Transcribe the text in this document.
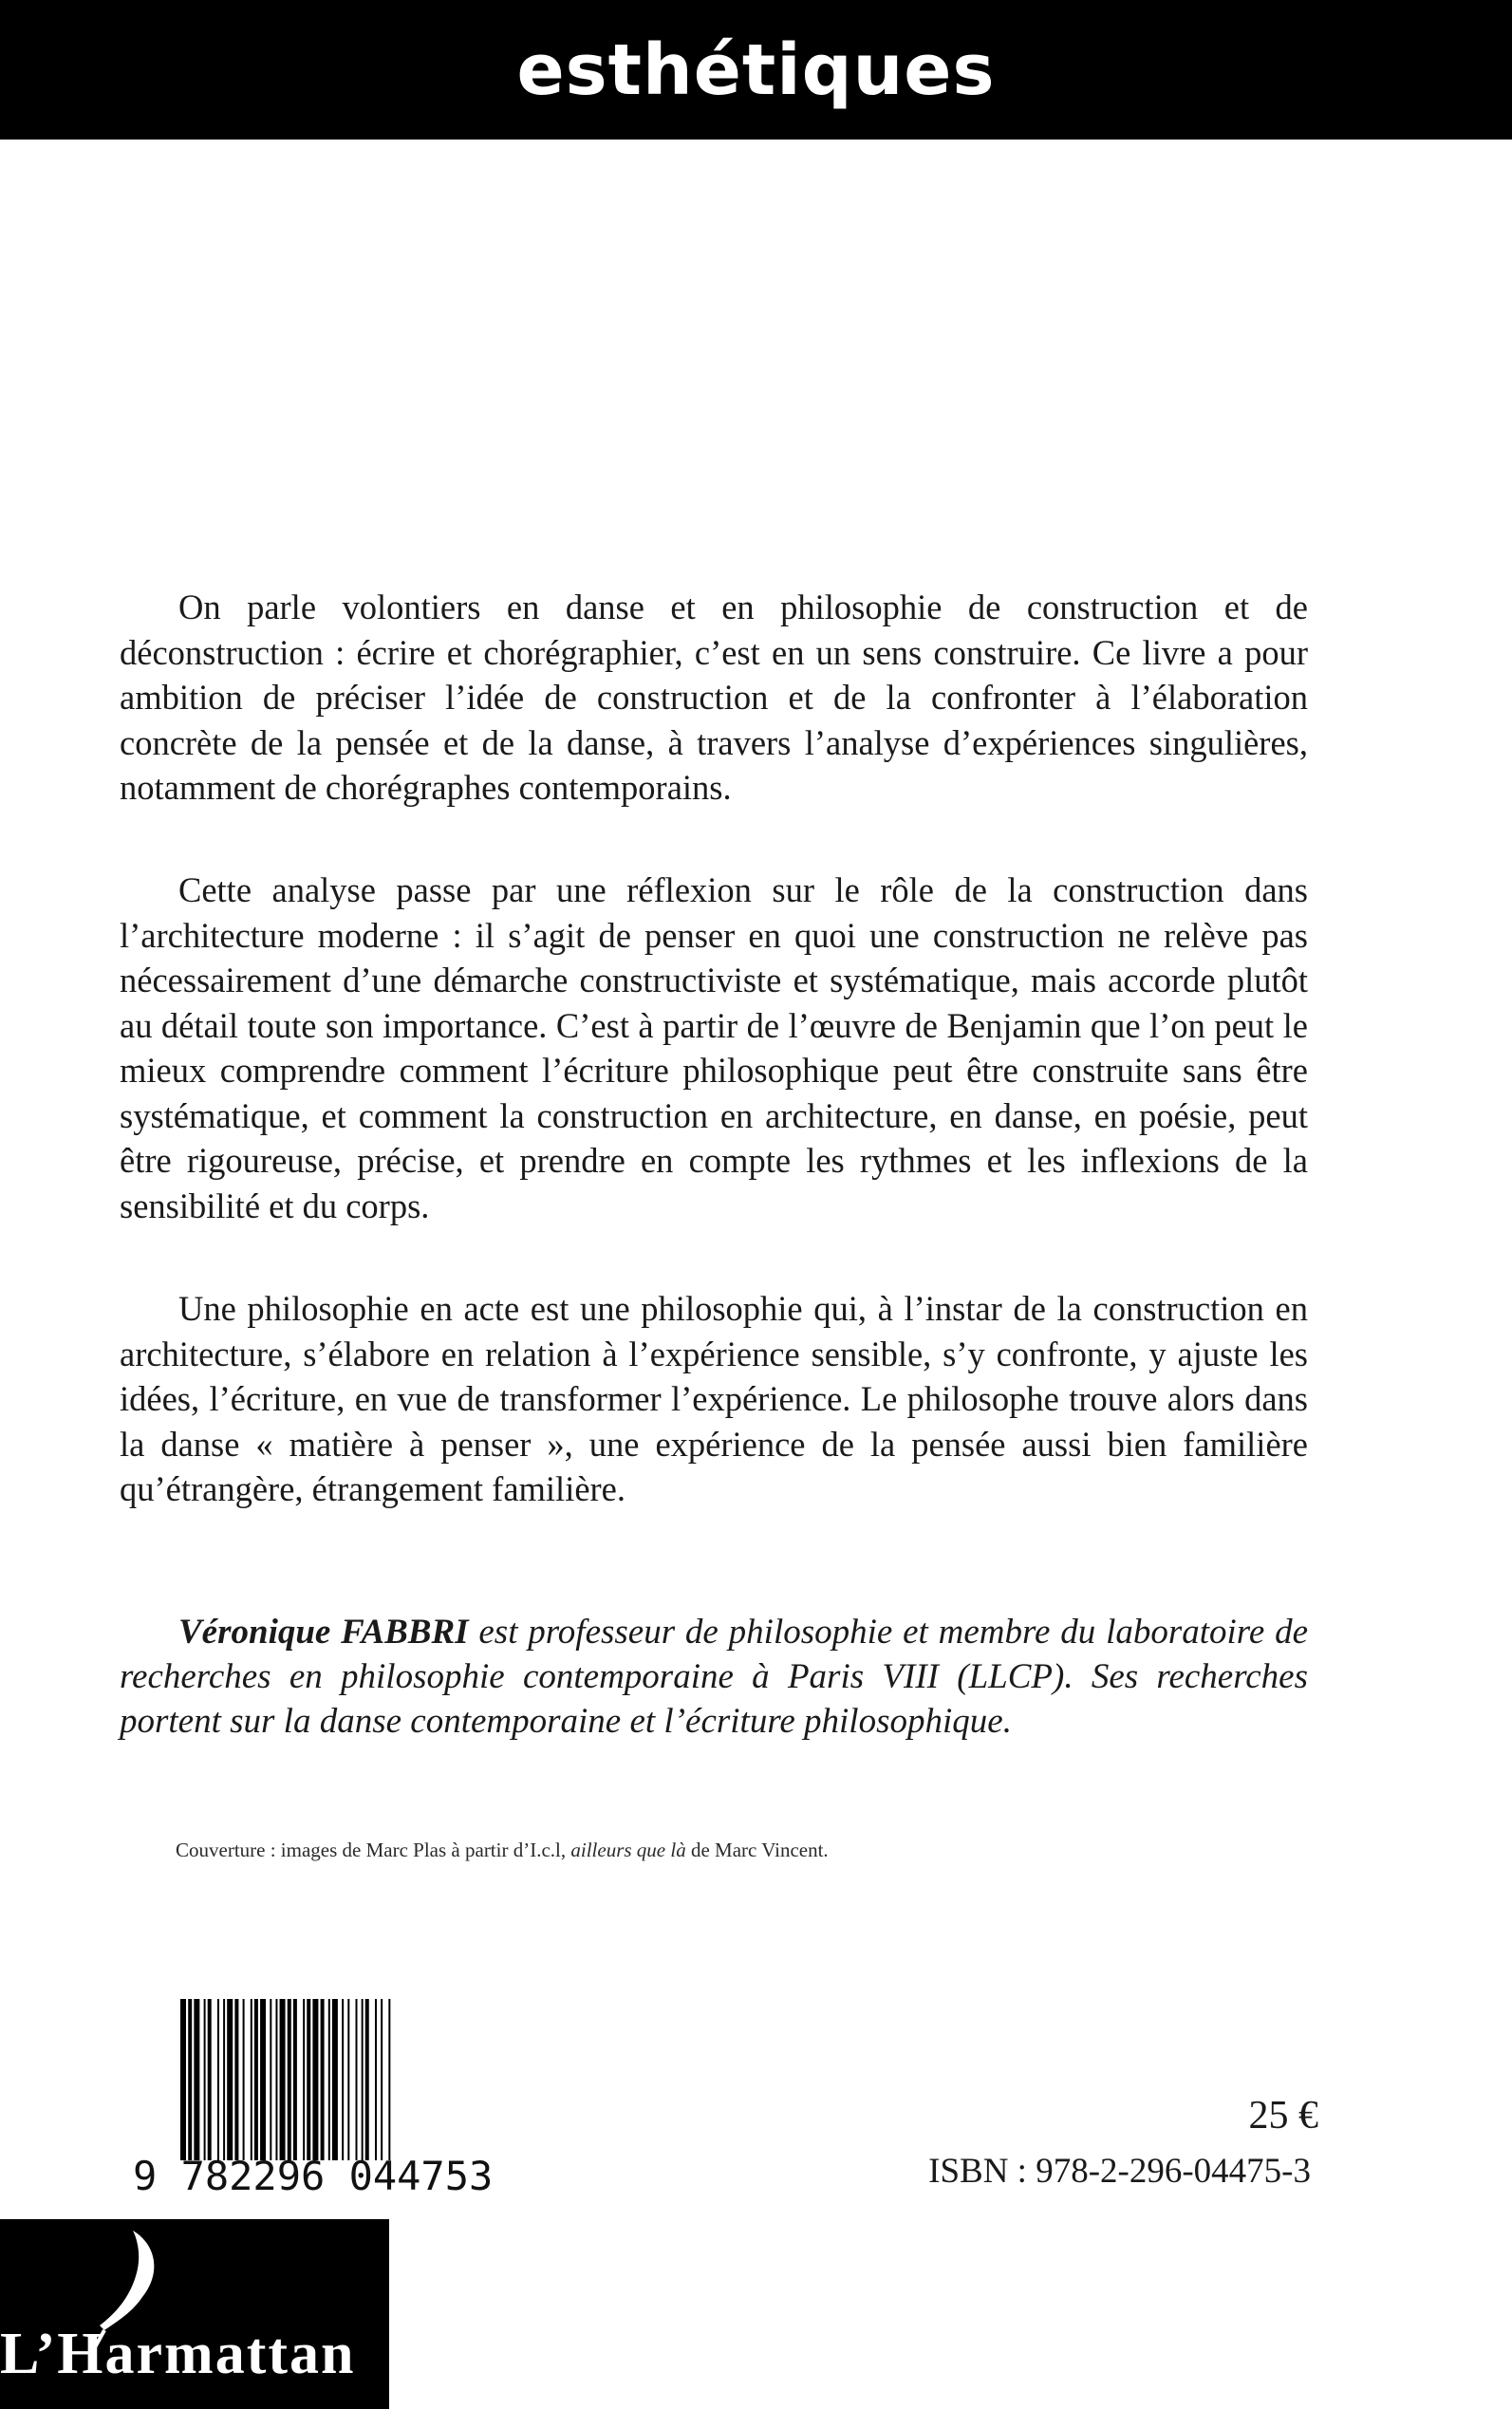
esthétiques

On parle volontiers en danse et en philosophie de construction et de déconstruction : écrire et chorégraphier, c’est en un sens construire. Ce livre a pour ambition de préciser l’idée de construction et de la confronter à l’élaboration concrète de la pensée et de la danse, à travers l’analyse d’expériences singulières, notamment de chorégraphes contemporains.

Cette analyse passe par une réflexion sur le rôle de la construction dans l’architecture moderne : il s’agit de penser en quoi une construction ne relève pas nécessairement d’une démarche constructiviste et systématique, mais accorde plutôt au détail toute son importance. C’est à partir de l’œuvre de Benjamin que l’on peut le mieux comprendre comment l’écriture philosophique peut être construite sans être systématique, et comment la construction en architecture, en danse, en poésie, peut être rigoureuse, précise, et prendre en compte les rythmes et les inflexions de la sensibilité et du corps.

Une philosophie en acte est une philosophie qui, à l’instar de la construction en architecture, s’élabore en relation à l’expérience sensible, s’y confronte, y ajuste les idées, l’écriture, en vue de transformer l’expérience. Le philosophe trouve alors dans la danse « matière à penser », une expérience de la pensée aussi bien familière qu’étrangère, étrangement familière.

Véronique FABBRI est professeur de philosophie et membre du laboratoire de recherches en philosophie contemporaine à Paris VIII (LLCP). Ses recherches portent sur la danse contemporaine et l’écriture philosophique.

Couverture : images de Marc Plas à partir d’I.c.l, ailleurs que là de Marc Vincent.
9 782296 044753
25 €
ISBN : 978-2-296-04475-3
L’Harmattan
